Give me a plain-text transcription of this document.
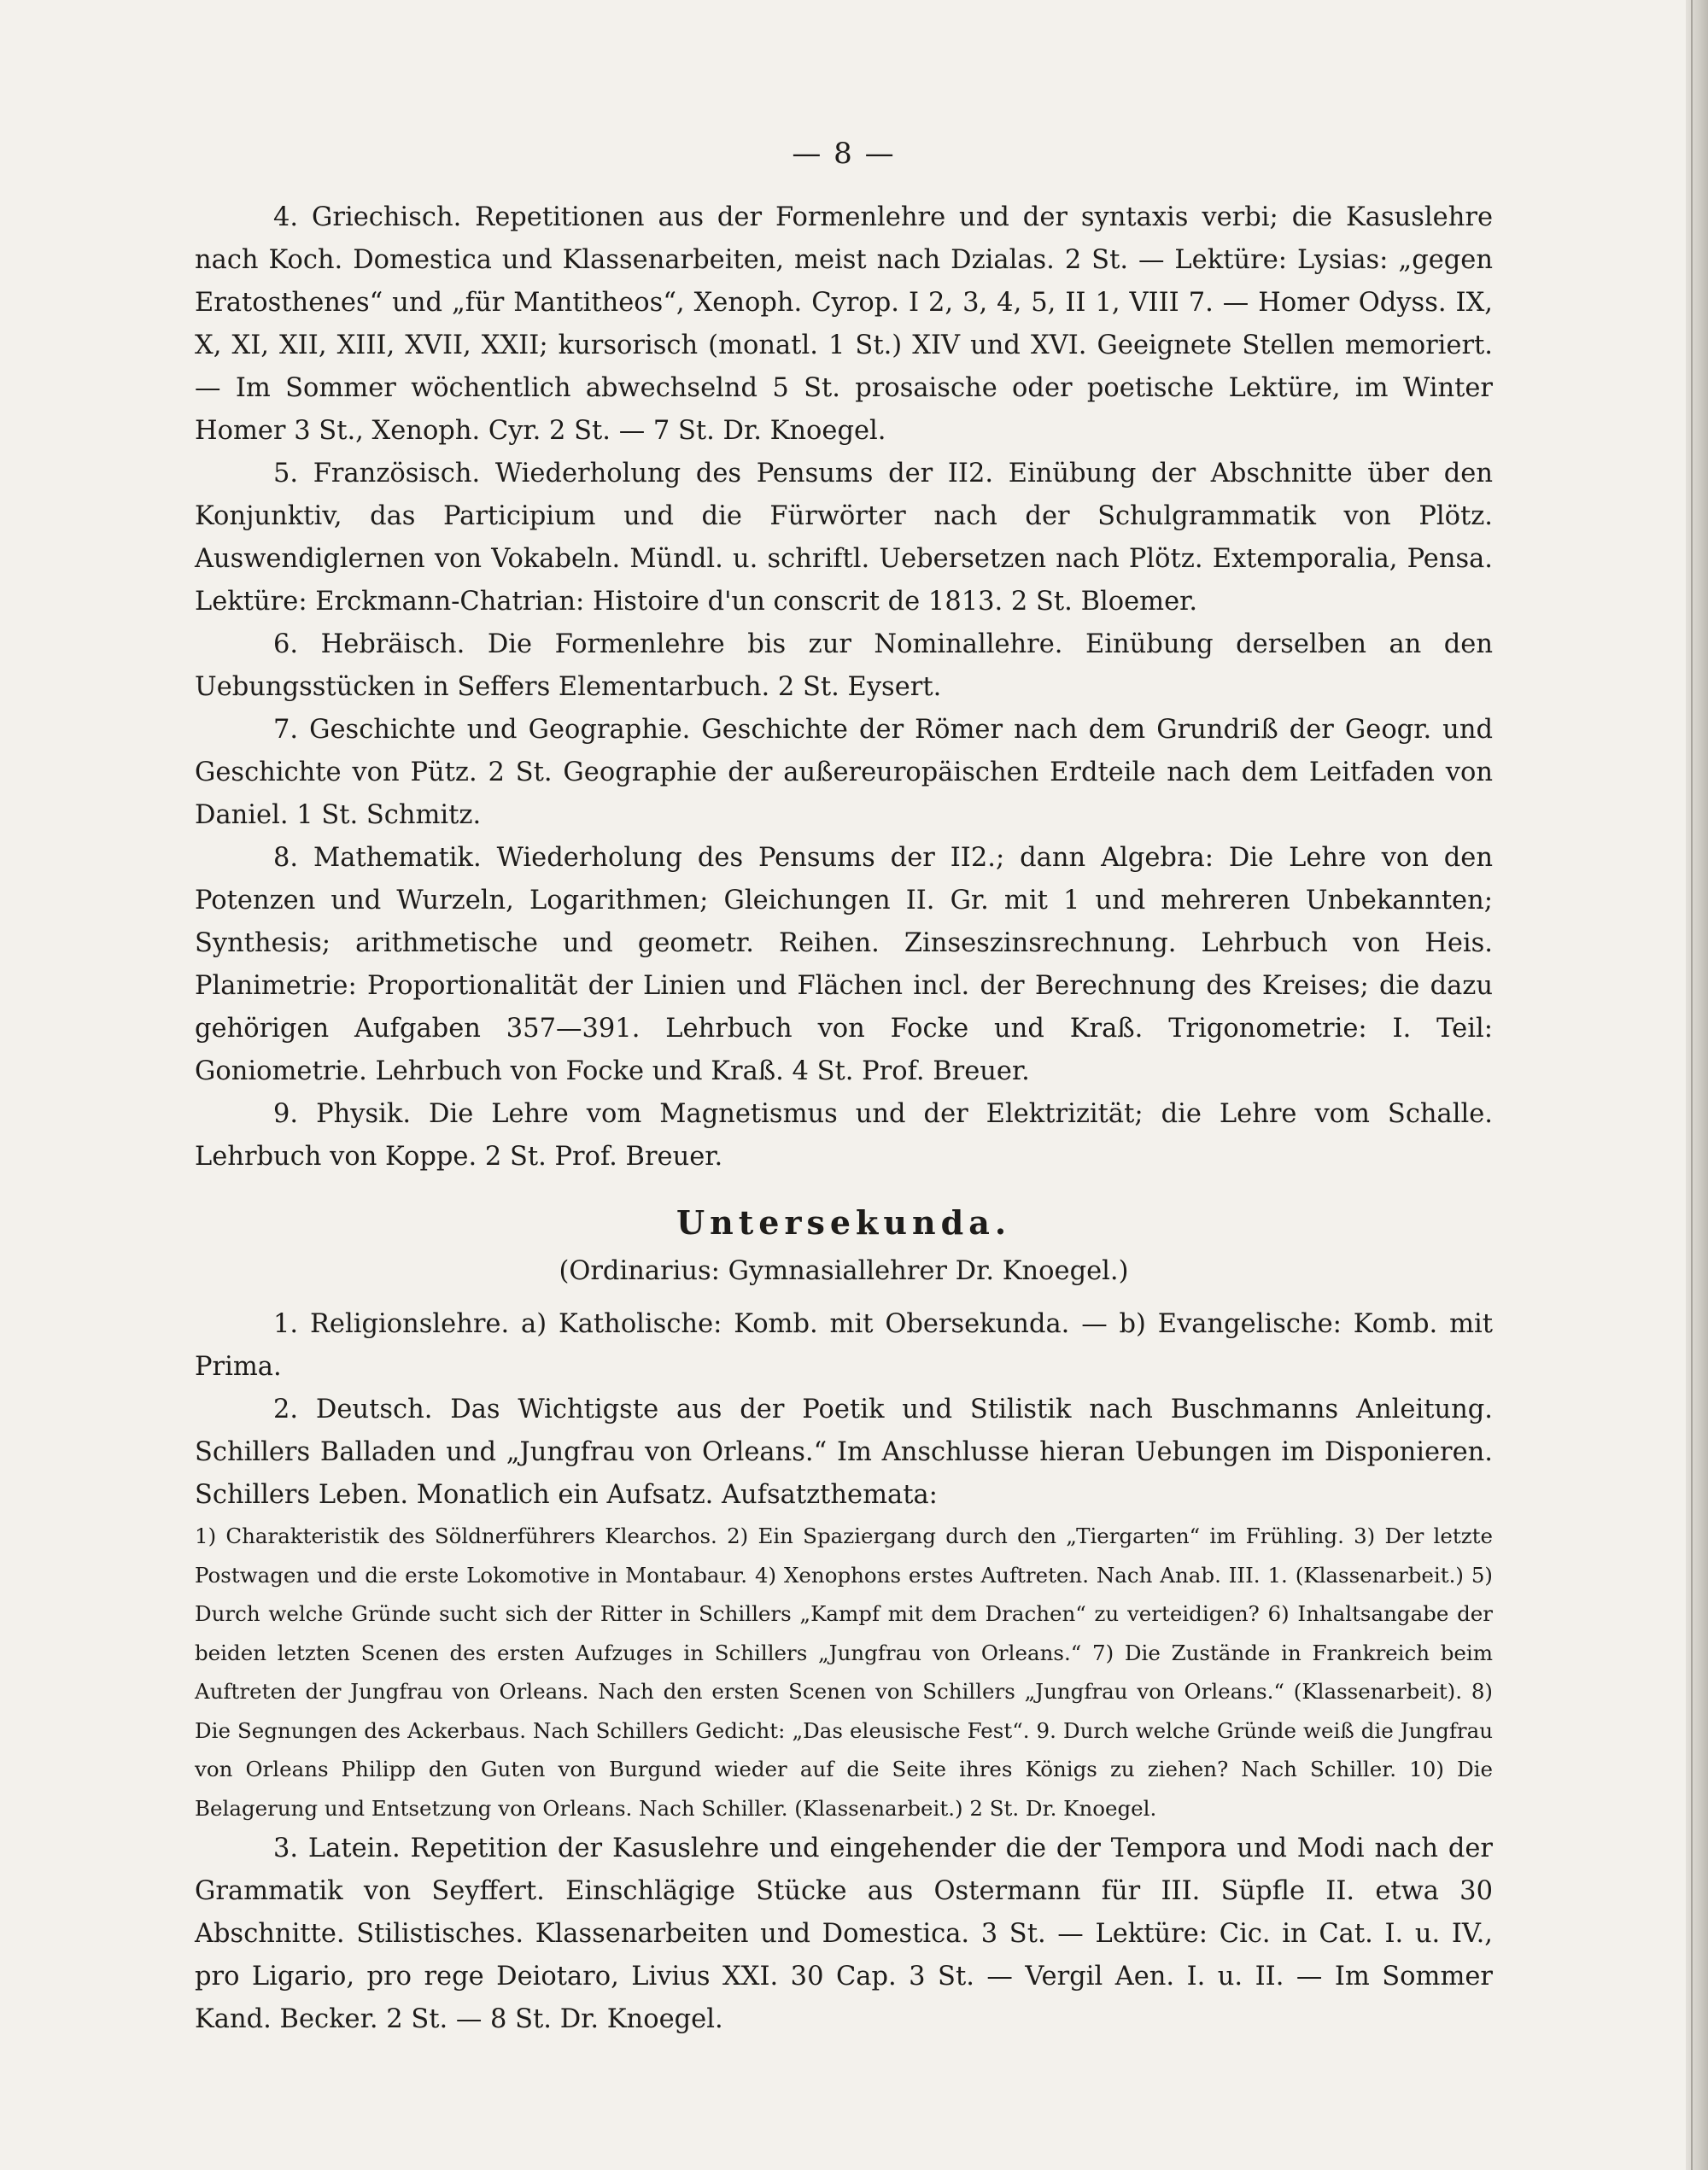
— 8 —

4. Griechisch. Repetitionen aus der Formenlehre und der syntaxis verbi; die Kasuslehre nach Koch. Domestica und Klassenarbeiten, meist nach Dzialas. 2 St. — Lektüre: Lysias: „gegen Eratosthenes“ und „für Mantitheos“, Xenoph. Cyrop. I 2, 3, 4, 5, II 1, VIII 7. — Homer Odyss. IX, X, XI, XII, XIII, XVII, XXII; kursorisch (monatl. 1 St.) XIV und XVI. Geeignete Stellen memoriert. — Im Sommer wöchentlich abwechselnd 5 St. prosaische oder poetische Lektüre, im Winter Homer 3 St., Xenoph. Cyr. 2 St. — 7 St. Dr. Knoegel.

5. Französisch. Wiederholung des Pensums der II2. Einübung der Abschnitte über den Konjunktiv, das Participium und die Fürwörter nach der Schulgrammatik von Plötz. Auswendiglernen von Vokabeln. Mündl. u. schriftl. Uebersetzen nach Plötz. Extemporalia, Pensa. Lektüre: Erckmann-Chatrian: Histoire d'un conscrit de 1813. 2 St. Bloemer.

6. Hebräisch. Die Formenlehre bis zur Nominallehre. Einübung derselben an den Uebungsstücken in Seffers Elementarbuch. 2 St. Eysert.

7. Geschichte und Geographie. Geschichte der Römer nach dem Grundriß der Geogr. und Geschichte von Pütz. 2 St. Geographie der außereuropäischen Erdteile nach dem Leitfaden von Daniel. 1 St. Schmitz.

8. Mathematik. Wiederholung des Pensums der II2.; dann Algebra: Die Lehre von den Potenzen und Wurzeln, Logarithmen; Gleichungen II. Gr. mit 1 und mehreren Unbekannten; Synthesis; arithmetische und geometr. Reihen. Zinseszinsrechnung. Lehrbuch von Heis. Planimetrie: Proportionalität der Linien und Flächen incl. der Berechnung des Kreises; die dazu gehörigen Aufgaben 357—391. Lehrbuch von Focke und Kraß. Trigonometrie: I. Teil: Goniometrie. Lehrbuch von Focke und Kraß. 4 St. Prof. Breuer.

9. Physik. Die Lehre vom Magnetismus und der Elektrizität; die Lehre vom Schalle. Lehrbuch von Koppe. 2 St. Prof. Breuer.

Untersekunda.
(Ordinarius: Gymnasiallehrer Dr. Knoegel.)

1. Religionslehre. a) Katholische: Komb. mit Obersekunda. — b) Evangelische: Komb. mit Prima.

2. Deutsch. Das Wichtigste aus der Poetik und Stilistik nach Buschmanns Anleitung. Schillers Balladen und „Jungfrau von Orleans.“ Im Anschlusse hieran Uebungen im Disponieren. Schillers Leben. Monatlich ein Aufsatz. Aufsatzthemata:

1) Charakteristik des Söldnerführers Klearchos. 2) Ein Spaziergang durch den „Tiergarten“ im Frühling. 3) Der letzte Postwagen und die erste Lokomotive in Montabaur. 4) Xenophons erstes Auftreten. Nach Anab. III. 1. (Klassenarbeit.) 5) Durch welche Gründe sucht sich der Ritter in Schillers „Kampf mit dem Drachen“ zu verteidigen? 6) Inhaltsangabe der beiden letzten Scenen des ersten Aufzuges in Schillers „Jungfrau von Orleans.“ 7) Die Zustände in Frankreich beim Auftreten der Jungfrau von Orleans. Nach den ersten Scenen von Schillers „Jungfrau von Orleans.“ (Klassenarbeit). 8) Die Segnungen des Ackerbaus. Nach Schillers Gedicht: „Das eleusische Fest“. 9. Durch welche Gründe weiß die Jungfrau von Orleans Philipp den Guten von Burgund wieder auf die Seite ihres Königs zu ziehen? Nach Schiller. 10) Die Belagerung und Entsetzung von Orleans. Nach Schiller. (Klassenarbeit.) 2 St. Dr. Knoegel.

3. Latein. Repetition der Kasuslehre und eingehender die der Tempora und Modi nach der Grammatik von Seyffert. Einschlägige Stücke aus Ostermann für III. Süpfle II. etwa 30 Abschnitte. Stilistisches. Klassenarbeiten und Domestica. 3 St. — Lektüre: Cic. in Cat. I. u. IV., pro Ligario, pro rege Deiotaro, Livius XXI. 30 Cap. 3 St. — Vergil Aen. I. u. II. — Im Sommer Kand. Becker. 2 St. — 8 St. Dr. Knoegel.
